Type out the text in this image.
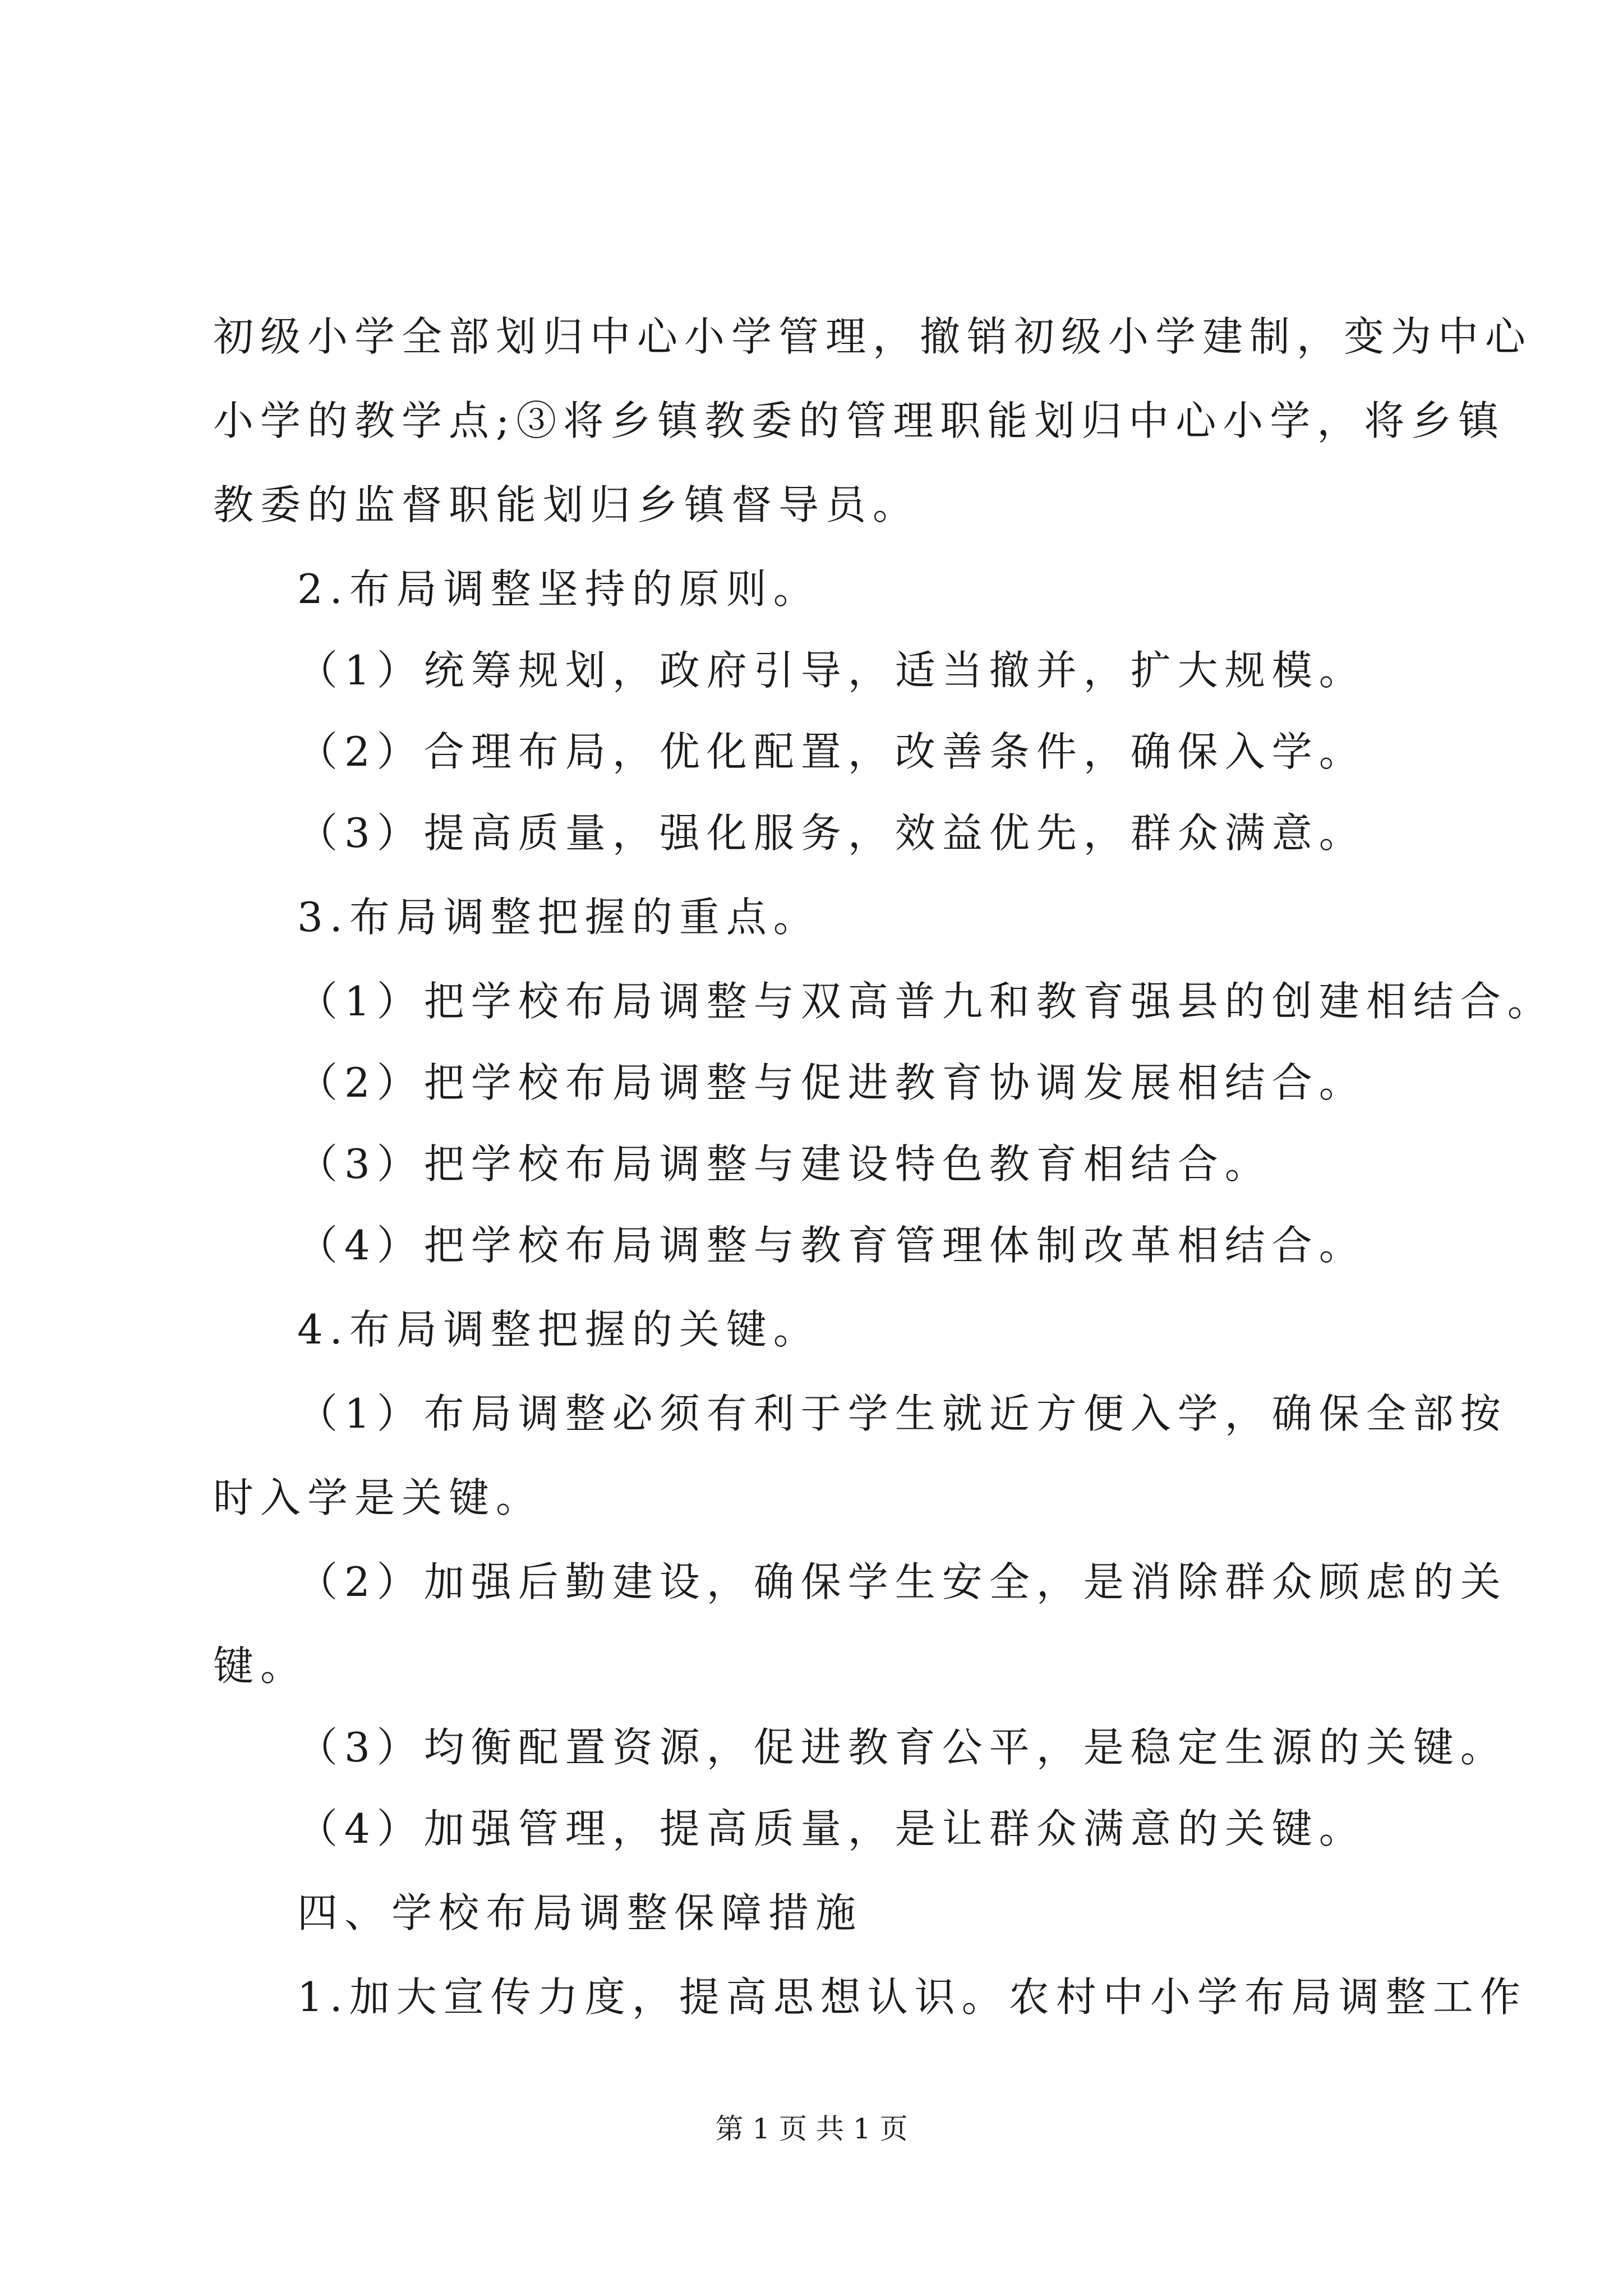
初级小学全部划归中心小学管理，撤销初级小学建制，变为中心
小学的教学点;③将乡镇教委的管理职能划归中心小学，将乡镇
教委的监督职能划归乡镇督导员。
2.布局调整坚持的原则。
（1）统筹规划，政府引导，适当撤并，扩大规模。
（2）合理布局，优化配置，改善条件，确保入学。
（3）提高质量，强化服务，效益优先，群众满意。
3.布局调整把握的重点。
（1）把学校布局调整与双高普九和教育强县的创建相结合。
（2）把学校布局调整与促进教育协调发展相结合。
（3）把学校布局调整与建设特色教育相结合。
（4）把学校布局调整与教育管理体制改革相结合。
4.布局调整把握的关键。
（1）布局调整必须有利于学生就近方便入学，确保全部按
时入学是关键。
（2）加强后勤建设，确保学生安全，是消除群众顾虑的关
键。
（3）均衡配置资源，促进教育公平，是稳定生源的关键。
（4）加强管理，提高质量，是让群众满意的关键。
四、学校布局调整保障措施
1.加大宣传力度，提高思想认识。农村中小学布局调整工作
第 1 页 共 1 页
